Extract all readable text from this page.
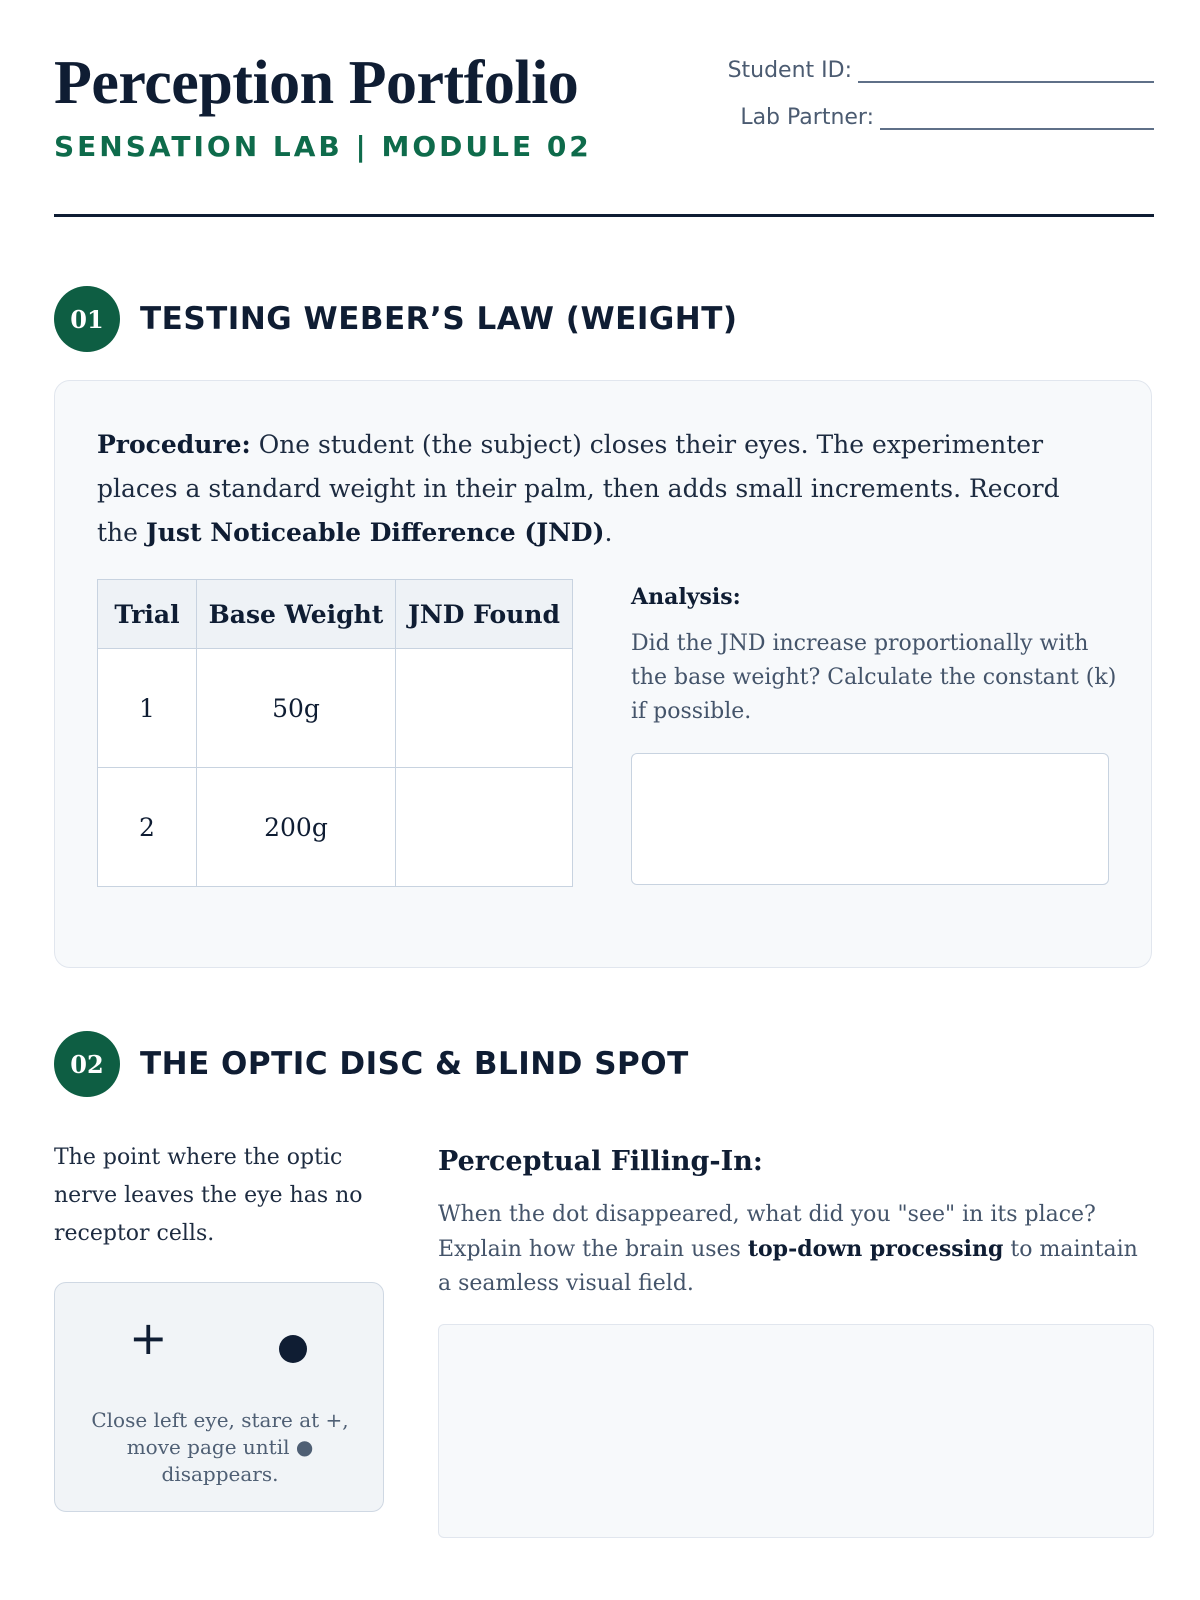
Perception Portfolio
SENSATION LAB | MODULE 02
Student ID:
Lab Partner:
01	TESTING WEBER’S LAW (WEIGHT)
Procedure: One student (the subject) closes their eyes. The experimenter places a standard weight in their palm, then adds small increments. Record the Just Noticeable Difference (JND).
Trial	Base Weight	JND Found
1	50g	
2	200g	
Analysis:
Did the JND increase proportionally with the base weight? Calculate the constant (k) if possible.
02	THE OPTIC DISC & BLIND SPOT
The point where the optic nerve leaves the eye has no receptor cells.
+
Close left eye, stare at +, move page until ● disappears.
Perceptual Filling-In:
When the dot disappeared, what did you "see" in its place? Explain how the brain uses top-down processing to maintain a seamless visual field.
